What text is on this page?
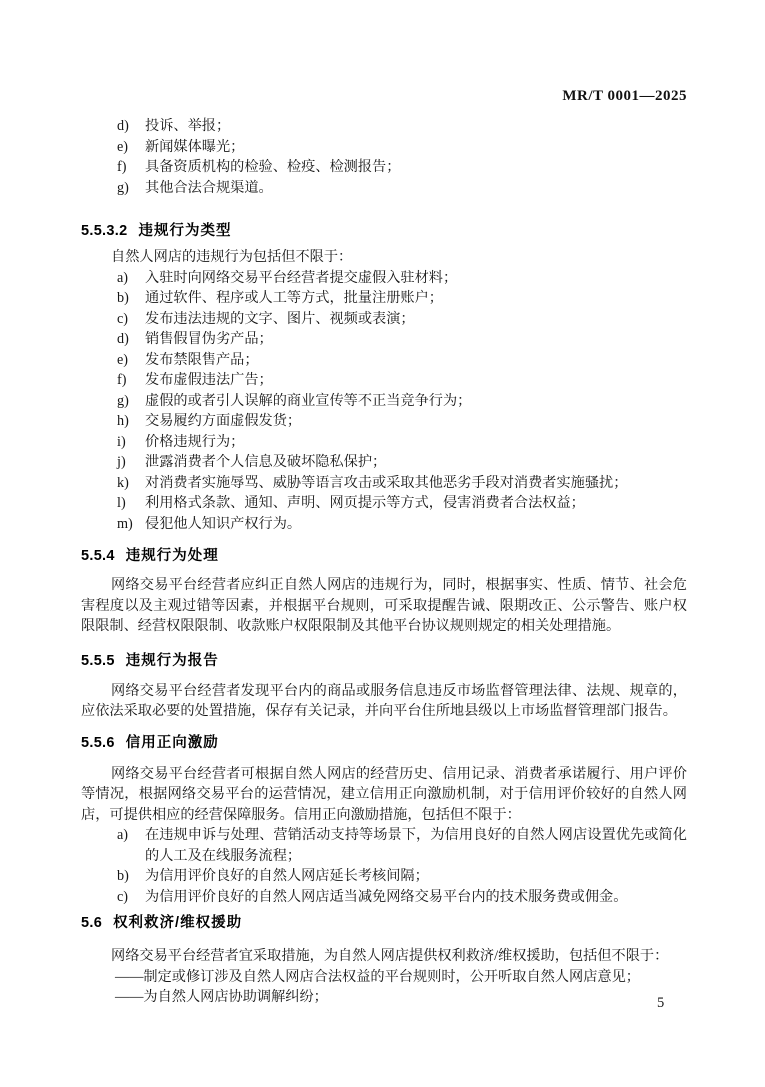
MR/T 0001—2025
d)	投诉、举报；
e)	新闻媒体曝光；
f)	具备资质机构的检验、检疫、检测报告；
g)	其他合法合规渠道。
5.5.3.2 违规行为类型

自然人网店的违规行为包括但不限于：

a)	入驻时向网络交易平台经营者提交虚假入驻材料；
b)	通过软件、程序或人工等方式，批量注册账户；
c)	发布违法违规的文字、图片、视频或表演；
d)	销售假冒伪劣产品；
e)	发布禁限售产品；
f)	发布虚假违法广告；
g)	虚假的或者引人误解的商业宣传等不正当竞争行为；
h)	交易履约方面虚假发货；
i)	价格违规行为；
j)	泄露消费者个人信息及破坏隐私保护；
k)	对消费者实施辱骂、威胁等语言攻击或采取其他恶劣手段对消费者实施骚扰；
l)	利用格式条款、通知、声明、网页提示等方式，侵害消费者合法权益；
m) 侵犯他人知识产权行为。
5.5.4 违规行为处理

网络交易平台经营者应纠正自然人网店的违规行为，同时，根据事实、性质、情节、社会危害程度以及主观过错等因素，并根据平台规则，可采取提醒告诫、限期改正、公示警告、账户权限限制、经营权限限制、收款账户权限限制及其他平台协议规则规定的相关处理措施。

5.5.5 违规行为报告

网络交易平台经营者发现平台内的商品或服务信息违反市场监督管理法律、法规、规章的，应依法采取必要的处置措施，保存有关记录，并向平台住所地县级以上市场监督管理部门报告。

5.5.6 信用正向激励

网络交易平台经营者可根据自然人网店的经营历史、信用记录、消费者承诺履行、用户评价等情况，根据网络交易平台的运营情况，建立信用正向激励机制，对于信用评价较好的自然人网店，可提供相应的经营保障服务。信用正向激励措施，包括但不限于：

a)	在违规申诉与处理、营销活动支持等场景下，为信用良好的自然人网店设置优先或简化的人工及在线服务流程；
b)	为信用评价良好的自然人网店延长考核间隔；
c)	为信用评价良好的自然人网店适当减免网络交易平台内的技术服务费或佣金。
5.6 权利救济/维权援助

网络交易平台经营者宜采取措施，为自然人网店提供权利救济/维权援助，包括但不限于：

——制定或修订涉及自然人网店合法权益的平台规则时，公开听取自然人网店意见；
——为自然人网店协助调解纠纷；	5
